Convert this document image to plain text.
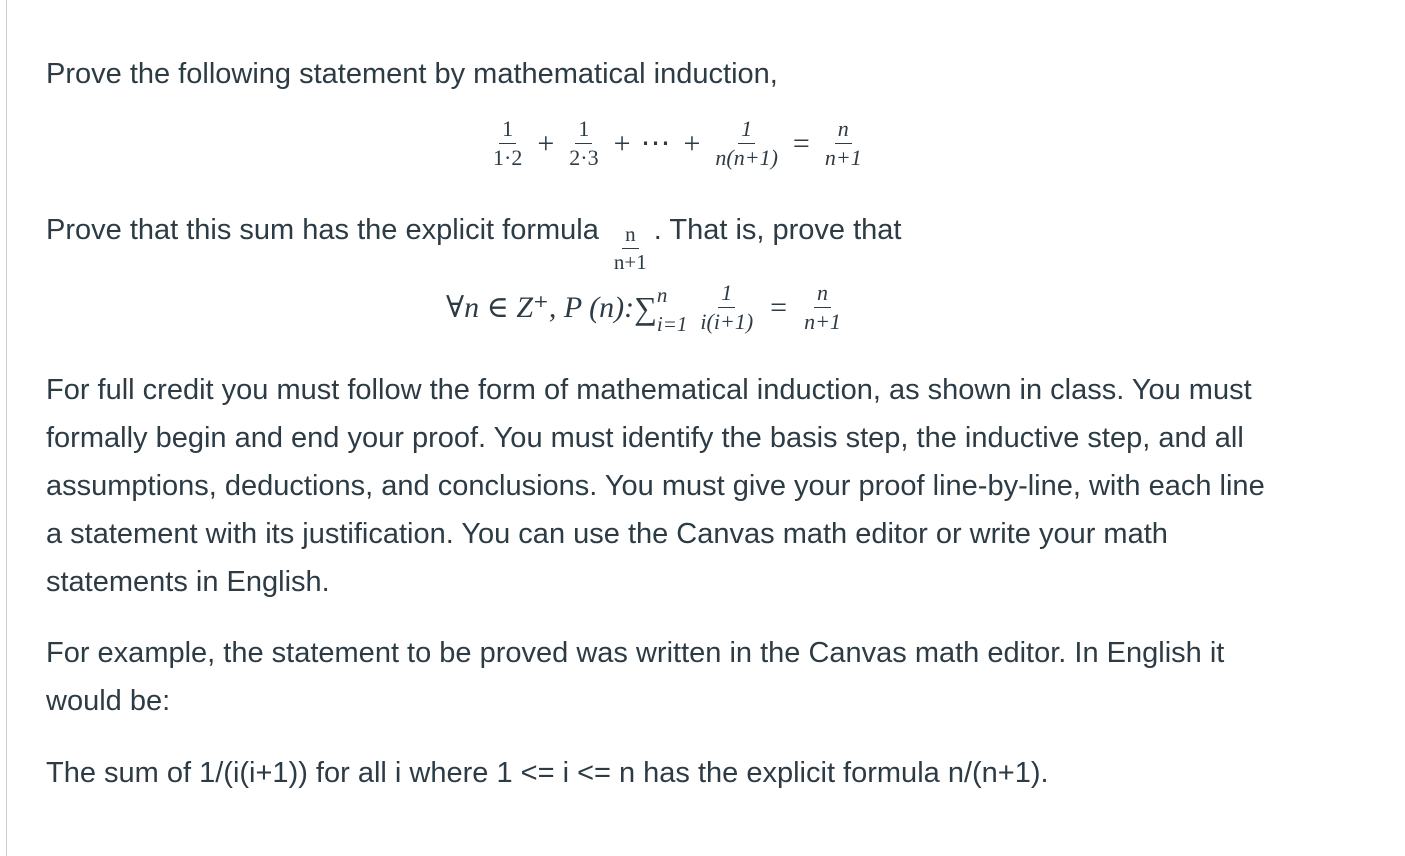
Prove the following statement by mathematical induction,

$\frac{1}{1\cdot 2} + \frac{1}{2\cdot 3}$ + ⋯ + $\frac{1}{n(n+1)} = \frac{n}{n+1}$

Prove that this sum has the explicit formula $\frac{n}{n+1}$ . That is, prove that

∀n ∈ Z⁺, P (n): ∑ n
$i=1 \frac{1}{i(i+1)} = \frac{n}{n+1}$
For full credit you must follow the form of mathematical induction, as shown in class. You must
formally begin and end your proof. You must identify the basis step, the inductive step, and all
assumptions, deductions, and conclusions. You must give your proof line-by-line, with each line
a statement with its justification. You can use the Canvas math editor or write your math
statements in English.
For example, the statement to be proved was written in the Canvas math editor. In English it
would be:

The sum of 1/(i(i+1)) for all i where 1 <= i <= n has the explicit formula n/(n+1).
